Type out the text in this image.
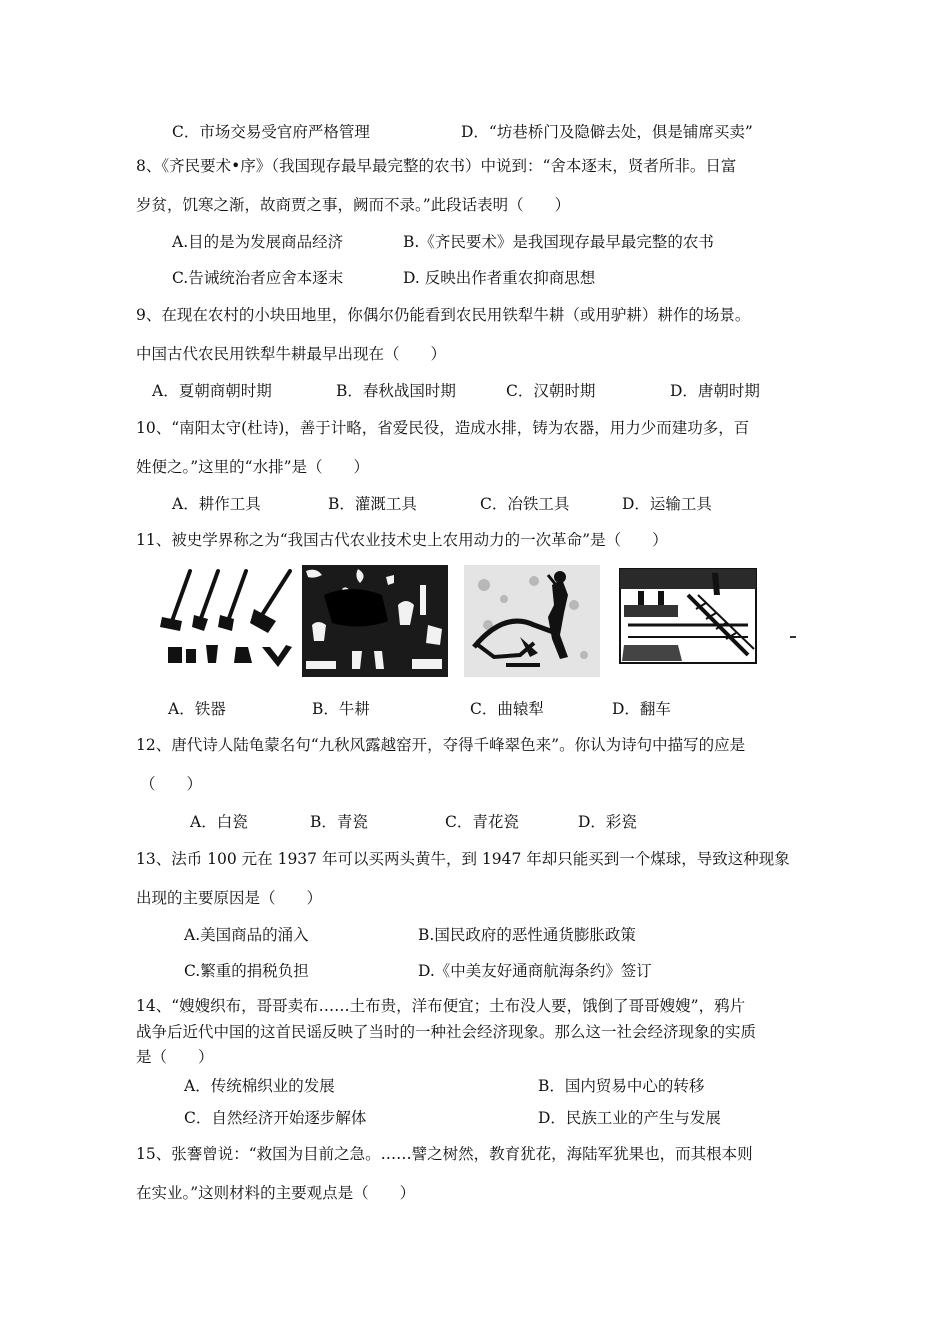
C．市场交易受官府严格管理	D．“坊巷桥门及隐僻去处，俱是铺席买卖”
8、《齐民要术•序》（我国现存最早最完整的农书）中说到：“舍本逐末，贤者所非。日富
岁贫，饥寒之渐，故商贾之事，阙而不录。”此段话表明（　　）
A.目的是为发展商品经济	B.《齐民要术》是我国现存最早最完整的农书
C.告诫统治者应舍本逐末	D. 反映出作者重农抑商思想
9、在现在农村的小块田地里，你偶尔仍能看到农民用铁犁牛耕（或用驴耕）耕作的场景。
中国古代农民用铁犁牛耕最早出现在（　　）
A．夏朝商朝时期	B．春秋战国时期	C．汉朝时期	D．唐朝时期
10、“南阳太守(杜诗)，善于计略，省爱民役，造成水排，铸为农器，用力少而建功多，百
姓便之。”这里的“水排”是（　　）
A．耕作工具	B．灌溉工具	C．冶铁工具	D．运输工具
11、被史学界称之为“我国古代农业技术史上农用动力的一次革命”是（　　）
A．铁器	B．牛耕	C．曲辕犁	D．翻车
12、唐代诗人陆龟蒙名句“九秋风露越窑开，夺得千峰翠色来”。你认为诗句中描写的应是
（　　）
A．白瓷	B．青瓷	C．青花瓷	D．彩瓷
13、法币 100 元在 1937 年可以买两头黄牛，到 1947 年却只能买到一个煤球，导致这种现象
出现的主要原因是（　　）
A.美国商品的涌入	B.国民政府的恶性通货膨胀政策
C.繁重的捐税负担	D.《中美友好通商航海条约》签订
14、“嫂嫂织布，哥哥卖布……土布贵，洋布便宜；土布没人要，饿倒了哥哥嫂嫂”，鸦片
战争后近代中国的这首民谣反映了当时的一种社会经济现象。那么这一社会经济现象的实质
是（　　）
A．传统棉织业的发展	B．国内贸易中心的转移
C．自然经济开始逐步解体	D．民族工业的产生与发展
15、张謇曾说：“救国为目前之急。……譬之树然，教育犹花，海陆军犹果也，而其根本则
在实业。”这则材料的主要观点是（　　）
